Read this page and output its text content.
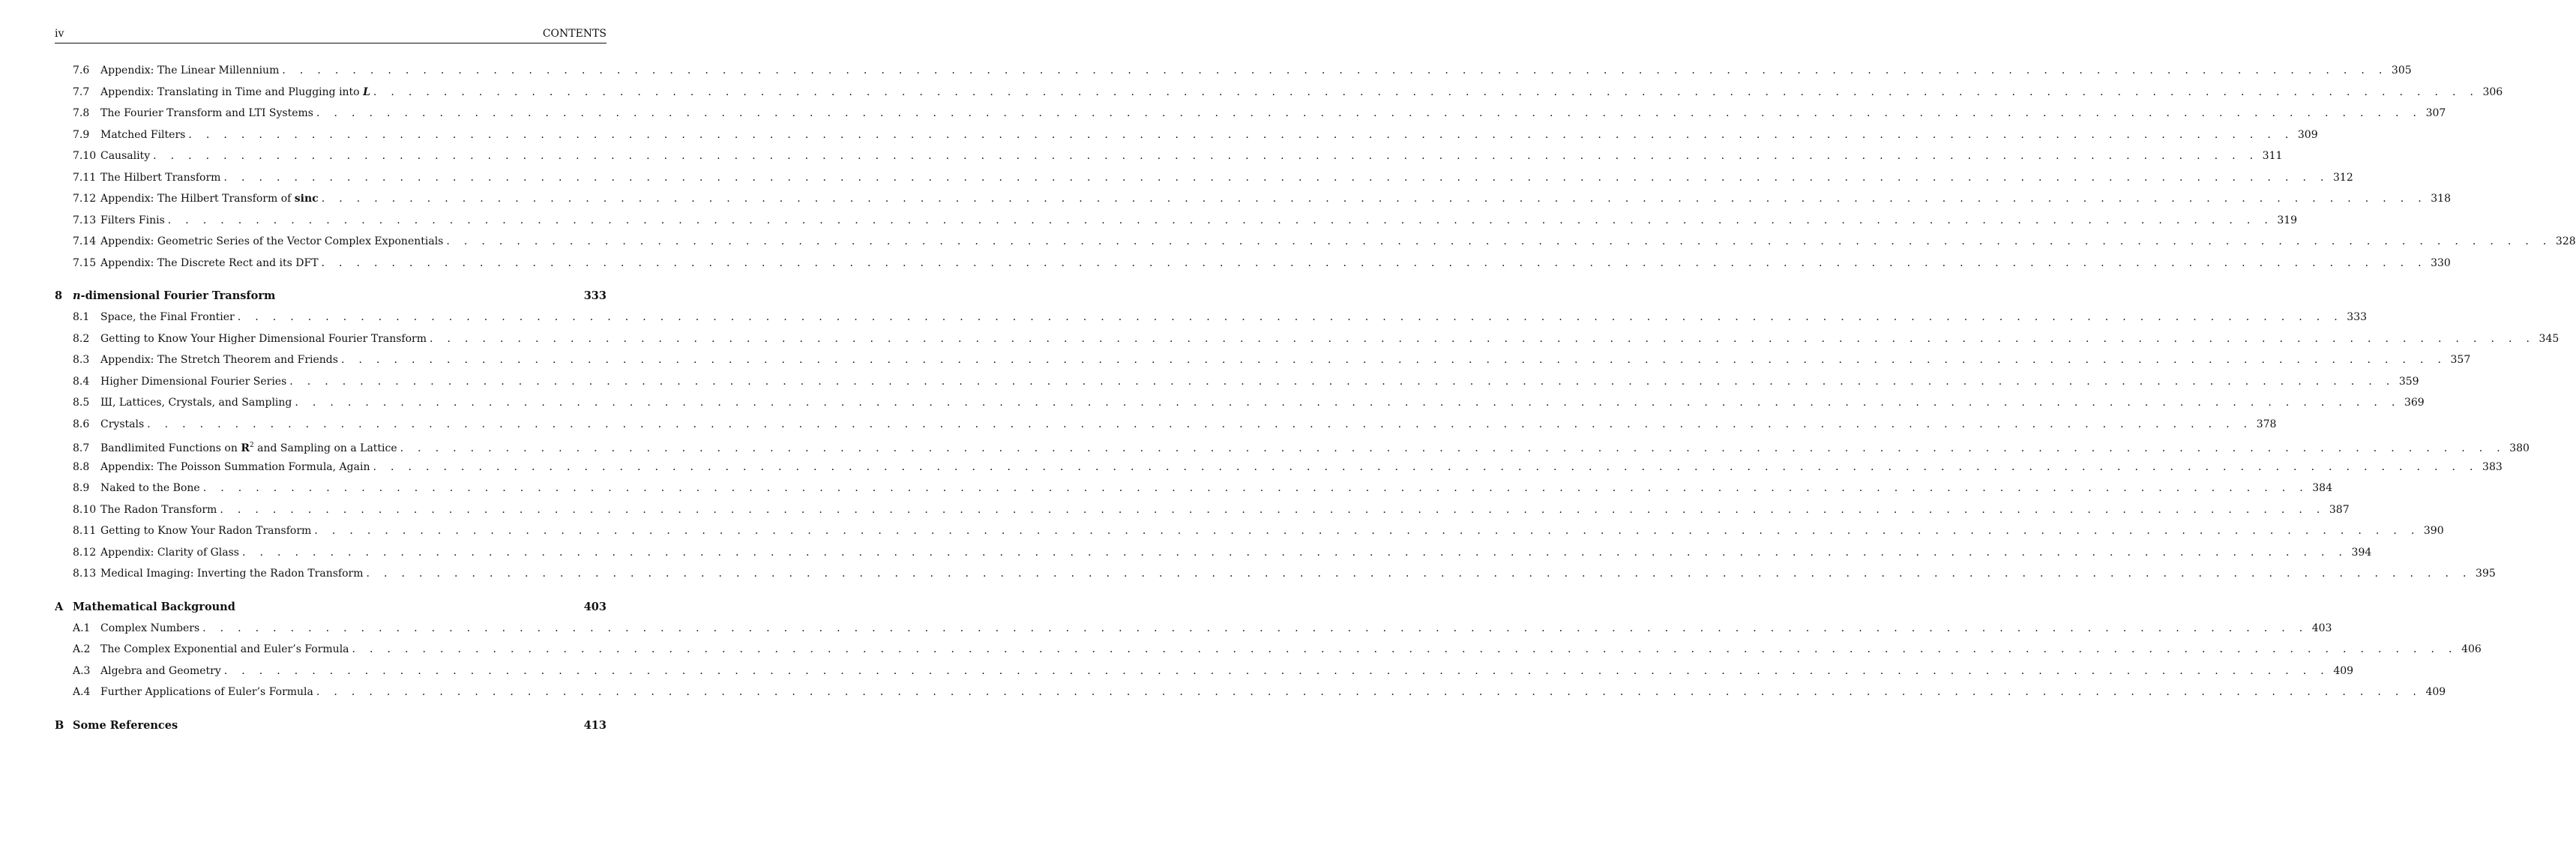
iv	CONTENTS
7.6	Appendix: The Linear Millennium . . . . . . . . . . . . . . . . . . . . . . . . . . . . . . . . . . . . . . . . . . . . . . . . . . . . . . . . . . . . . . . . . . . . . . . . . . . . . . . . . . . . . . . . . . . . . . . . . . . . . . . . . . . . . . . . . . . . . . . . 305
7.7	Appendix: Translating in Time and Plugging into L . . . . . . . . . . . . . . . . . . . . . . . . . . . . . . . . . . . . . . . . . . . . . . . . . . . . . . . . . . . . . . . . . . . . . . . . . . . . . . . . . . . . . . . . . . . . . . . . . . . . . . . . . . . . . . . . . . . . . . . . 306
7.8	The Fourier Transform and LTI Systems . . . . . . . . . . . . . . . . . . . . . . . . . . . . . . . . . . . . . . . . . . . . . . . . . . . . . . . . . . . . . . . . . . . . . . . . . . . . . . . . . . . . . . . . . . . . . . . . . . . . . . . . . . . . . . . . . . . . . . . . 307
7.9	Matched Filters . . . . . . . . . . . . . . . . . . . . . . . . . . . . . . . . . . . . . . . . . . . . . . . . . . . . . . . . . . . . . . . . . . . . . . . . . . . . . . . . . . . . . . . . . . . . . . . . . . . . . . . . . . . . . . . . . . . . . . . . 309
7.10 Causality . . . . . . . . . . . . . . . . . . . . . . . . . . . . . . . . . . . . . . . . . . . . . . . . . . . . . . . . . . . . . . . . . . . . . . . . . . . . . . . . . . . . . . . . . . . . . . . . . . . . . . . . . . . . . . . . . . . . . . . . 311
7.11 The Hilbert Transform . . . . . . . . . . . . . . . . . . . . . . . . . . . . . . . . . . . . . . . . . . . . . . . . . . . . . . . . . . . . . . . . . . . . . . . . . . . . . . . . . . . . . . . . . . . . . . . . . . . . . . . . . . . . . . . . . . . . . . . . 312
7.12 Appendix: The Hilbert Transform of sinc . . . . . . . . . . . . . . . . . . . . . . . . . . . . . . . . . . . . . . . . . . . . . . . . . . . . . . . . . . . . . . . . . . . . . . . . . . . . . . . . . . . . . . . . . . . . . . . . . . . . . . . . . . . . . . . . . . . . . . . . 318
7.13 Filters Finis . . . . . . . . . . . . . . . . . . . . . . . . . . . . . . . . . . . . . . . . . . . . . . . . . . . . . . . . . . . . . . . . . . . . . . . . . . . . . . . . . . . . . . . . . . . . . . . . . . . . . . . . . . . . . . . . . . . . . . . . 319
7.14 Appendix: Geometric Series of the Vector Complex Exponentials . . . . . . . . . . . . . . . . . . . . . . . . . . . . . . . . . . . . . . . . . . . . . . . . . . . . . . . . . . . . . . . . . . . . . . . . . . . . . . . . . . . . . . . . . . . . . . . . . . . . . . . . . . . . . . . . . . . . . . . . 328
7.15 Appendix: The Discrete Rect and its DFT . . . . . . . . . . . . . . . . . . . . . . . . . . . . . . . . . . . . . . . . . . . . . . . . . . . . . . . . . . . . . . . . . . . . . . . . . . . . . . . . . . . . . . . . . . . . . . . . . . . . . . . . . . . . . . . . . . . . . . . . 330
8 n-dimensional Fourier Transform	333
8.1	Space, the Final Frontier . . . . . . . . . . . . . . . . . . . . . . . . . . . . . . . . . . . . . . . . . . . . . . . . . . . . . . . . . . . . . . . . . . . . . . . . . . . . . . . . . . . . . . . . . . . . . . . . . . . . . . . . . . . . . . . . . . . . . . . . 333
8.2	Getting to Know Your Higher Dimensional Fourier Transform . . . . . . . . . . . . . . . . . . . . . . . . . . . . . . . . . . . . . . . . . . . . . . . . . . . . . . . . . . . . . . . . . . . . . . . . . . . . . . . . . . . . . . . . . . . . . . . . . . . . . . . . . . . . . . . . . . . . . . . . 345
8.3	Appendix: The Stretch Theorem and Friends . . . . . . . . . . . . . . . . . . . . . . . . . . . . . . . . . . . . . . . . . . . . . . . . . . . . . . . . . . . . . . . . . . . . . . . . . . . . . . . . . . . . . . . . . . . . . . . . . . . . . . . . . . . . . . . . . . . . . . . . 357
8.4	Higher Dimensional Fourier Series . . . . . . . . . . . . . . . . . . . . . . . . . . . . . . . . . . . . . . . . . . . . . . . . . . . . . . . . . . . . . . . . . . . . . . . . . . . . . . . . . . . . . . . . . . . . . . . . . . . . . . . . . . . . . . . . . . . . . . . . 359
8.5	Ш, Lattices, Crystals, and Sampling . . . . . . . . . . . . . . . . . . . . . . . . . . . . . . . . . . . . . . . . . . . . . . . . . . . . . . . . . . . . . . . . . . . . . . . . . . . . . . . . . . . . . . . . . . . . . . . . . . . . . . . . . . . . . . . . . . . . . . . . 369
8.6	Crystals . . . . . . . . . . . . . . . . . . . . . . . . . . . . . . . . . . . . . . . . . . . . . . . . . . . . . . . . . . . . . . . . . . . . . . . . . . . . . . . . . . . . . . . . . . . . . . . . . . . . . . . . . . . . . . . . . . . . . . . . 378
8.7	Bandlimited Functions on $R^2$ and Sampling on a Lattice . . . . . . . . . . . . . . . . . . . . . . . . . . . . . . . . . . . . . . . . . . . . . . . . . . . . . . . . . . . . . . . . . . . . . . . . . . . . . . . . . . . . . . . . . . . . . . . . . . . . . . . . . . . . . . . . . . . . . . . . 380
8.8	Appendix: The Poisson Summation Formula, Again . . . . . . . . . . . . . . . . . . . . . . . . . . . . . . . . . . . . . . . . . . . . . . . . . . . . . . . . . . . . . . . . . . . . . . . . . . . . . . . . . . . . . . . . . . . . . . . . . . . . . . . . . . . . . . . . . . . . . . . . 383
8.9	Naked to the Bone . . . . . . . . . . . . . . . . . . . . . . . . . . . . . . . . . . . . . . . . . . . . . . . . . . . . . . . . . . . . . . . . . . . . . . . . . . . . . . . . . . . . . . . . . . . . . . . . . . . . . . . . . . . . . . . . . . . . . . . . 384
8.10 The Radon Transform . . . . . . . . . . . . . . . . . . . . . . . . . . . . . . . . . . . . . . . . . . . . . . . . . . . . . . . . . . . . . . . . . . . . . . . . . . . . . . . . . . . . . . . . . . . . . . . . . . . . . . . . . . . . . . . . . . . . . . . . 387
8.11 Getting to Know Your Radon Transform . . . . . . . . . . . . . . . . . . . . . . . . . . . . . . . . . . . . . . . . . . . . . . . . . . . . . . . . . . . . . . . . . . . . . . . . . . . . . . . . . . . . . . . . . . . . . . . . . . . . . . . . . . . . . . . . . . . . . . . . 390
8.12 Appendix: Clarity of Glass . . . . . . . . . . . . . . . . . . . . . . . . . . . . . . . . . . . . . . . . . . . . . . . . . . . . . . . . . . . . . . . . . . . . . . . . . . . . . . . . . . . . . . . . . . . . . . . . . . . . . . . . . . . . . . . . . . . . . . . . 394
8.13 Medical Imaging: Inverting the Radon Transform . . . . . . . . . . . . . . . . . . . . . . . . . . . . . . . . . . . . . . . . . . . . . . . . . . . . . . . . . . . . . . . . . . . . . . . . . . . . . . . . . . . . . . . . . . . . . . . . . . . . . . . . . . . . . . . . . . . . . . . . 395
A Mathematical Background	403
A.1 Complex Numbers . . . . . . . . . . . . . . . . . . . . . . . . . . . . . . . . . . . . . . . . . . . . . . . . . . . . . . . . . . . . . . . . . . . . . . . . . . . . . . . . . . . . . . . . . . . . . . . . . . . . . . . . . . . . . . . . . . . . . . . . 403
A.2 The Complex Exponential and Euler’s Formula . . . . . . . . . . . . . . . . . . . . . . . . . . . . . . . . . . . . . . . . . . . . . . . . . . . . . . . . . . . . . . . . . . . . . . . . . . . . . . . . . . . . . . . . . . . . . . . . . . . . . . . . . . . . . . . . . . . . . . . . 406
A.3 Algebra and Geometry . . . . . . . . . . . . . . . . . . . . . . . . . . . . . . . . . . . . . . . . . . . . . . . . . . . . . . . . . . . . . . . . . . . . . . . . . . . . . . . . . . . . . . . . . . . . . . . . . . . . . . . . . . . . . . . . . . . . . . . . 409
A.4 Further Applications of Euler’s Formula . . . . . . . . . . . . . . . . . . . . . . . . . . . . . . . . . . . . . . . . . . . . . . . . . . . . . . . . . . . . . . . . . . . . . . . . . . . . . . . . . . . . . . . . . . . . . . . . . . . . . . . . . . . . . . . . . . . . . . . . 409
B Some References	413
